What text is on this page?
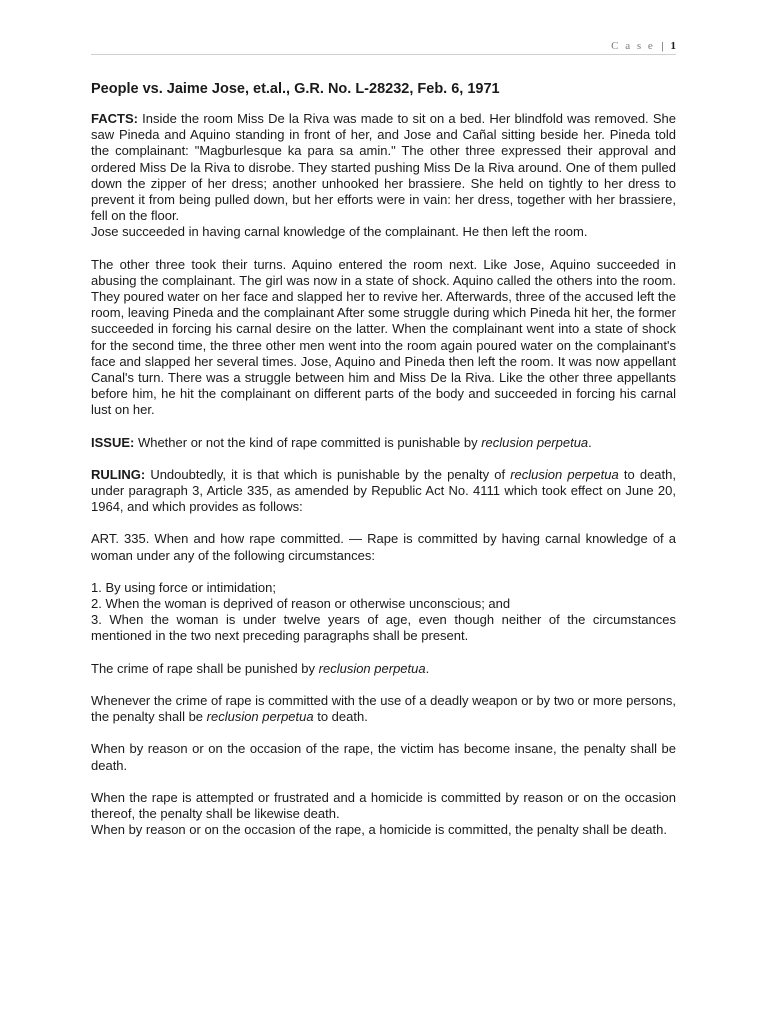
C a s e | 1
People vs. Jaime Jose, et.al., G.R. No. L-28232, Feb. 6, 1971

FACTS: Inside the room Miss De la Riva was made to sit on a bed. Her blindfold was removed. She saw Pineda and Aquino standing in front of her, and Jose and Cañal sitting beside her. Pineda told the complainant: "Magburlesque ka para sa amin." The other three expressed their approval and ordered Miss De la Riva to disrobe. They started pushing Miss De la Riva around. One of them pulled down the zipper of her dress; another unhooked her brassiere. She held on tightly to her dress to prevent it from being pulled down, but her efforts were in vain: her dress, together with her brassiere, fell on the floor.

Jose succeeded in having carnal knowledge of the complainant. He then left the room.

The other three took their turns. Aquino entered the room next. Like Jose, Aquino succeeded in abusing the complainant. The girl was now in a state of shock. Aquino called the others into the room. They poured water on her face and slapped her to revive her. Afterwards, three of the accused left the room, leaving Pineda and the complainant After some struggle during which Pineda hit her, the former succeeded in forcing his carnal desire on the latter. When the complainant went into a state of shock for the second time, the three other men went into the room again poured water on the complainant's face and slapped her several times. Jose, Aquino and Pineda then left the room. It was now appellant Canal's turn. There was a struggle between him and Miss De la Riva. Like the other three appellants before him, he hit the complainant on different parts of the body and succeeded in forcing his carnal lust on her.

ISSUE: Whether or not the kind of rape committed is punishable by reclusion perpetua.

RULING: Undoubtedly, it is that which is punishable by the penalty of reclusion perpetua to death, under paragraph 3, Article 335, as amended by Republic Act No. 4111 which took effect on June 20, 1964, and which provides as follows:

ART. 335. When and how rape committed. — Rape is committed by having carnal knowledge of a woman under any of the following circumstances:

1. By using force or intimidation;

2. When the woman is deprived of reason or otherwise unconscious; and

3. When the woman is under twelve years of age, even though neither of the circumstances mentioned in the two next preceding paragraphs shall be present.

The crime of rape shall be punished by reclusion perpetua.

Whenever the crime of rape is committed with the use of a deadly weapon or by two or more persons, the penalty shall be reclusion perpetua to death.

When by reason or on the occasion of the rape, the victim has become insane, the penalty shall be death.

When the rape is attempted or frustrated and a homicide is committed by reason or on the occasion thereof, the penalty shall be likewise death.

When by reason or on the occasion of the rape, a homicide is committed, the penalty shall be death.
